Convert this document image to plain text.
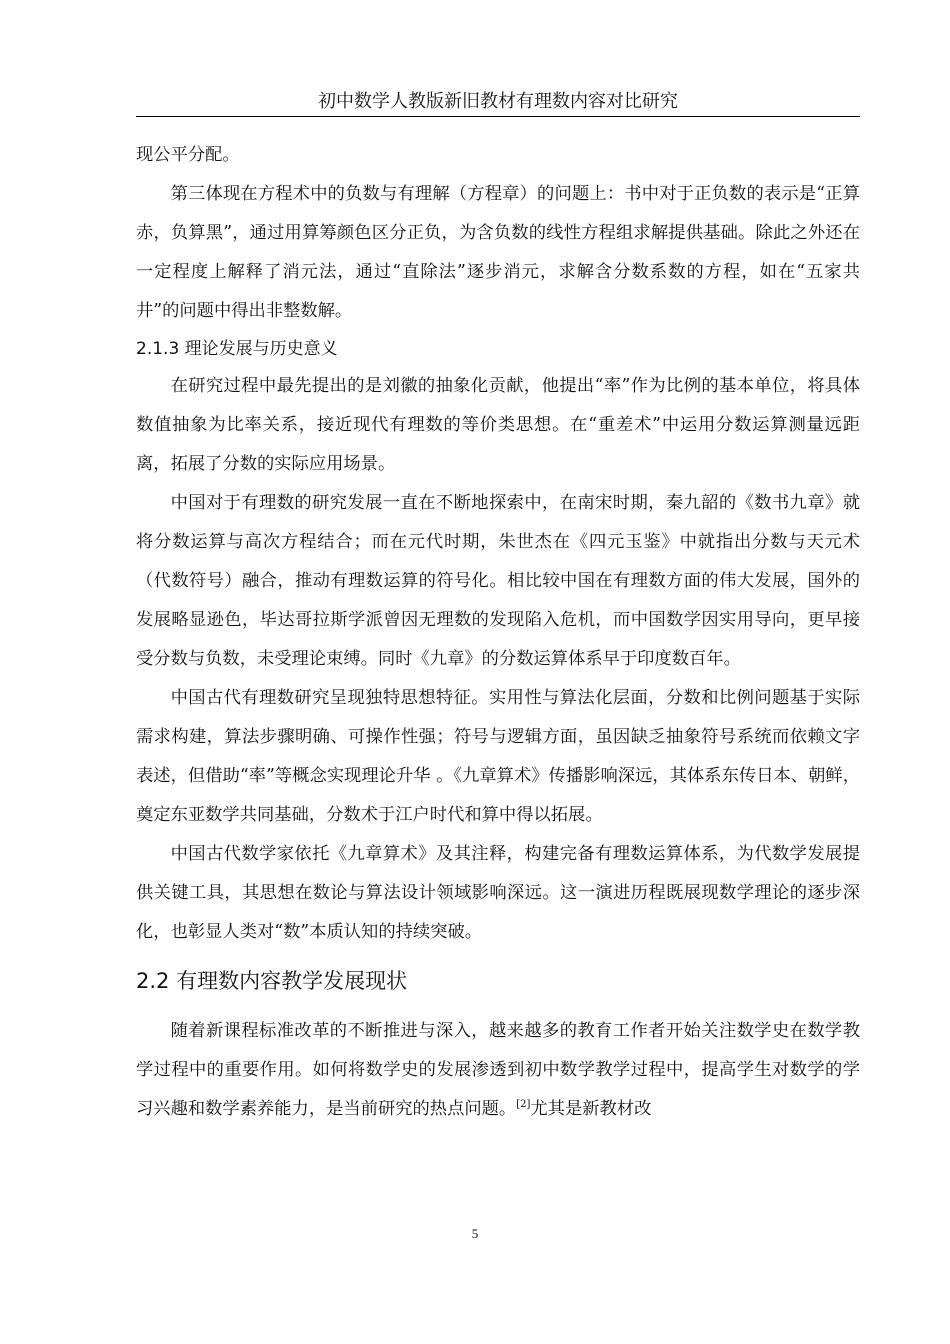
初中数学人教版新旧教材有理数内容对比研究

现公平分配。

第三体现在方程术中的负数与有理解（方程章）的问题上：书中对于正负数的表示是“正算赤，负算黑”，通过用算筹颜色区分正负，为含负数的线性方程组求解提供基础。除此之外还在一定程度上解释了消元法，通过“直除法”逐步消元，求解含分数系数的方程，如在“五家共井”的问题中得出非整数解。

2.1.3 理论发展与历史意义

在研究过程中最先提出的是刘徽的抽象化贡献，他提出“率”作为比例的基本单位，将具体数值抽象为比率关系，接近现代有理数的等价类思想。在“重差术”中运用分数运算测量远距离，拓展了分数的实际应用场景。

中国对于有理数的研究发展一直在不断地探索中，在南宋时期，秦九韶的《数书九章》就将分数运算与高次方程结合；而在元代时期，朱世杰在《四元玉鉴》中就指出分数与天元术（代数符号）融合，推动有理数运算的符号化。相比较中国在有理数方面的伟大发展，国外的发展略显逊色，毕达哥拉斯学派曾因无理数的发现陷入危机，而中国数学因实用导向，更早接受分数与负数，未受理论束缚。同时《九章》的分数运算体系早于印度数百年。

中国古代有理数研究呈现独特思想特征。实用性与算法化层面，分数和比例问题基于实际需求构建，算法步骤明确、可操作性强；符号与逻辑方面，虽因缺乏抽象符号系统而依赖文字表述，但借助“率”等概念实现理论升华 。《九章算术》传播影响深远，其体系东传日本、朝鲜，奠定东亚数学共同基础，分数术于江户时代和算中得以拓展。

中国古代数学家依托《九章算术》及其注释，构建完备有理数运算体系，为代数学发展提供关键工具，其思想在数论与算法设计领域影响深远。这一演进历程既展现数学理论的逐步深化，也彰显人类对“数”本质认知的持续突破。

2.2 有理数内容教学发展现状

随着新课程标准改革的不断推进与深入，越来越多的教育工作者开始关注数学史在数学教学过程中的重要作用。如何将数学史的发展渗透到初中数学教学过程中，提高学生对数学的学习兴趣和数学素养能力，是当前研究的热点问题。[2]尤其是新教材改

5
